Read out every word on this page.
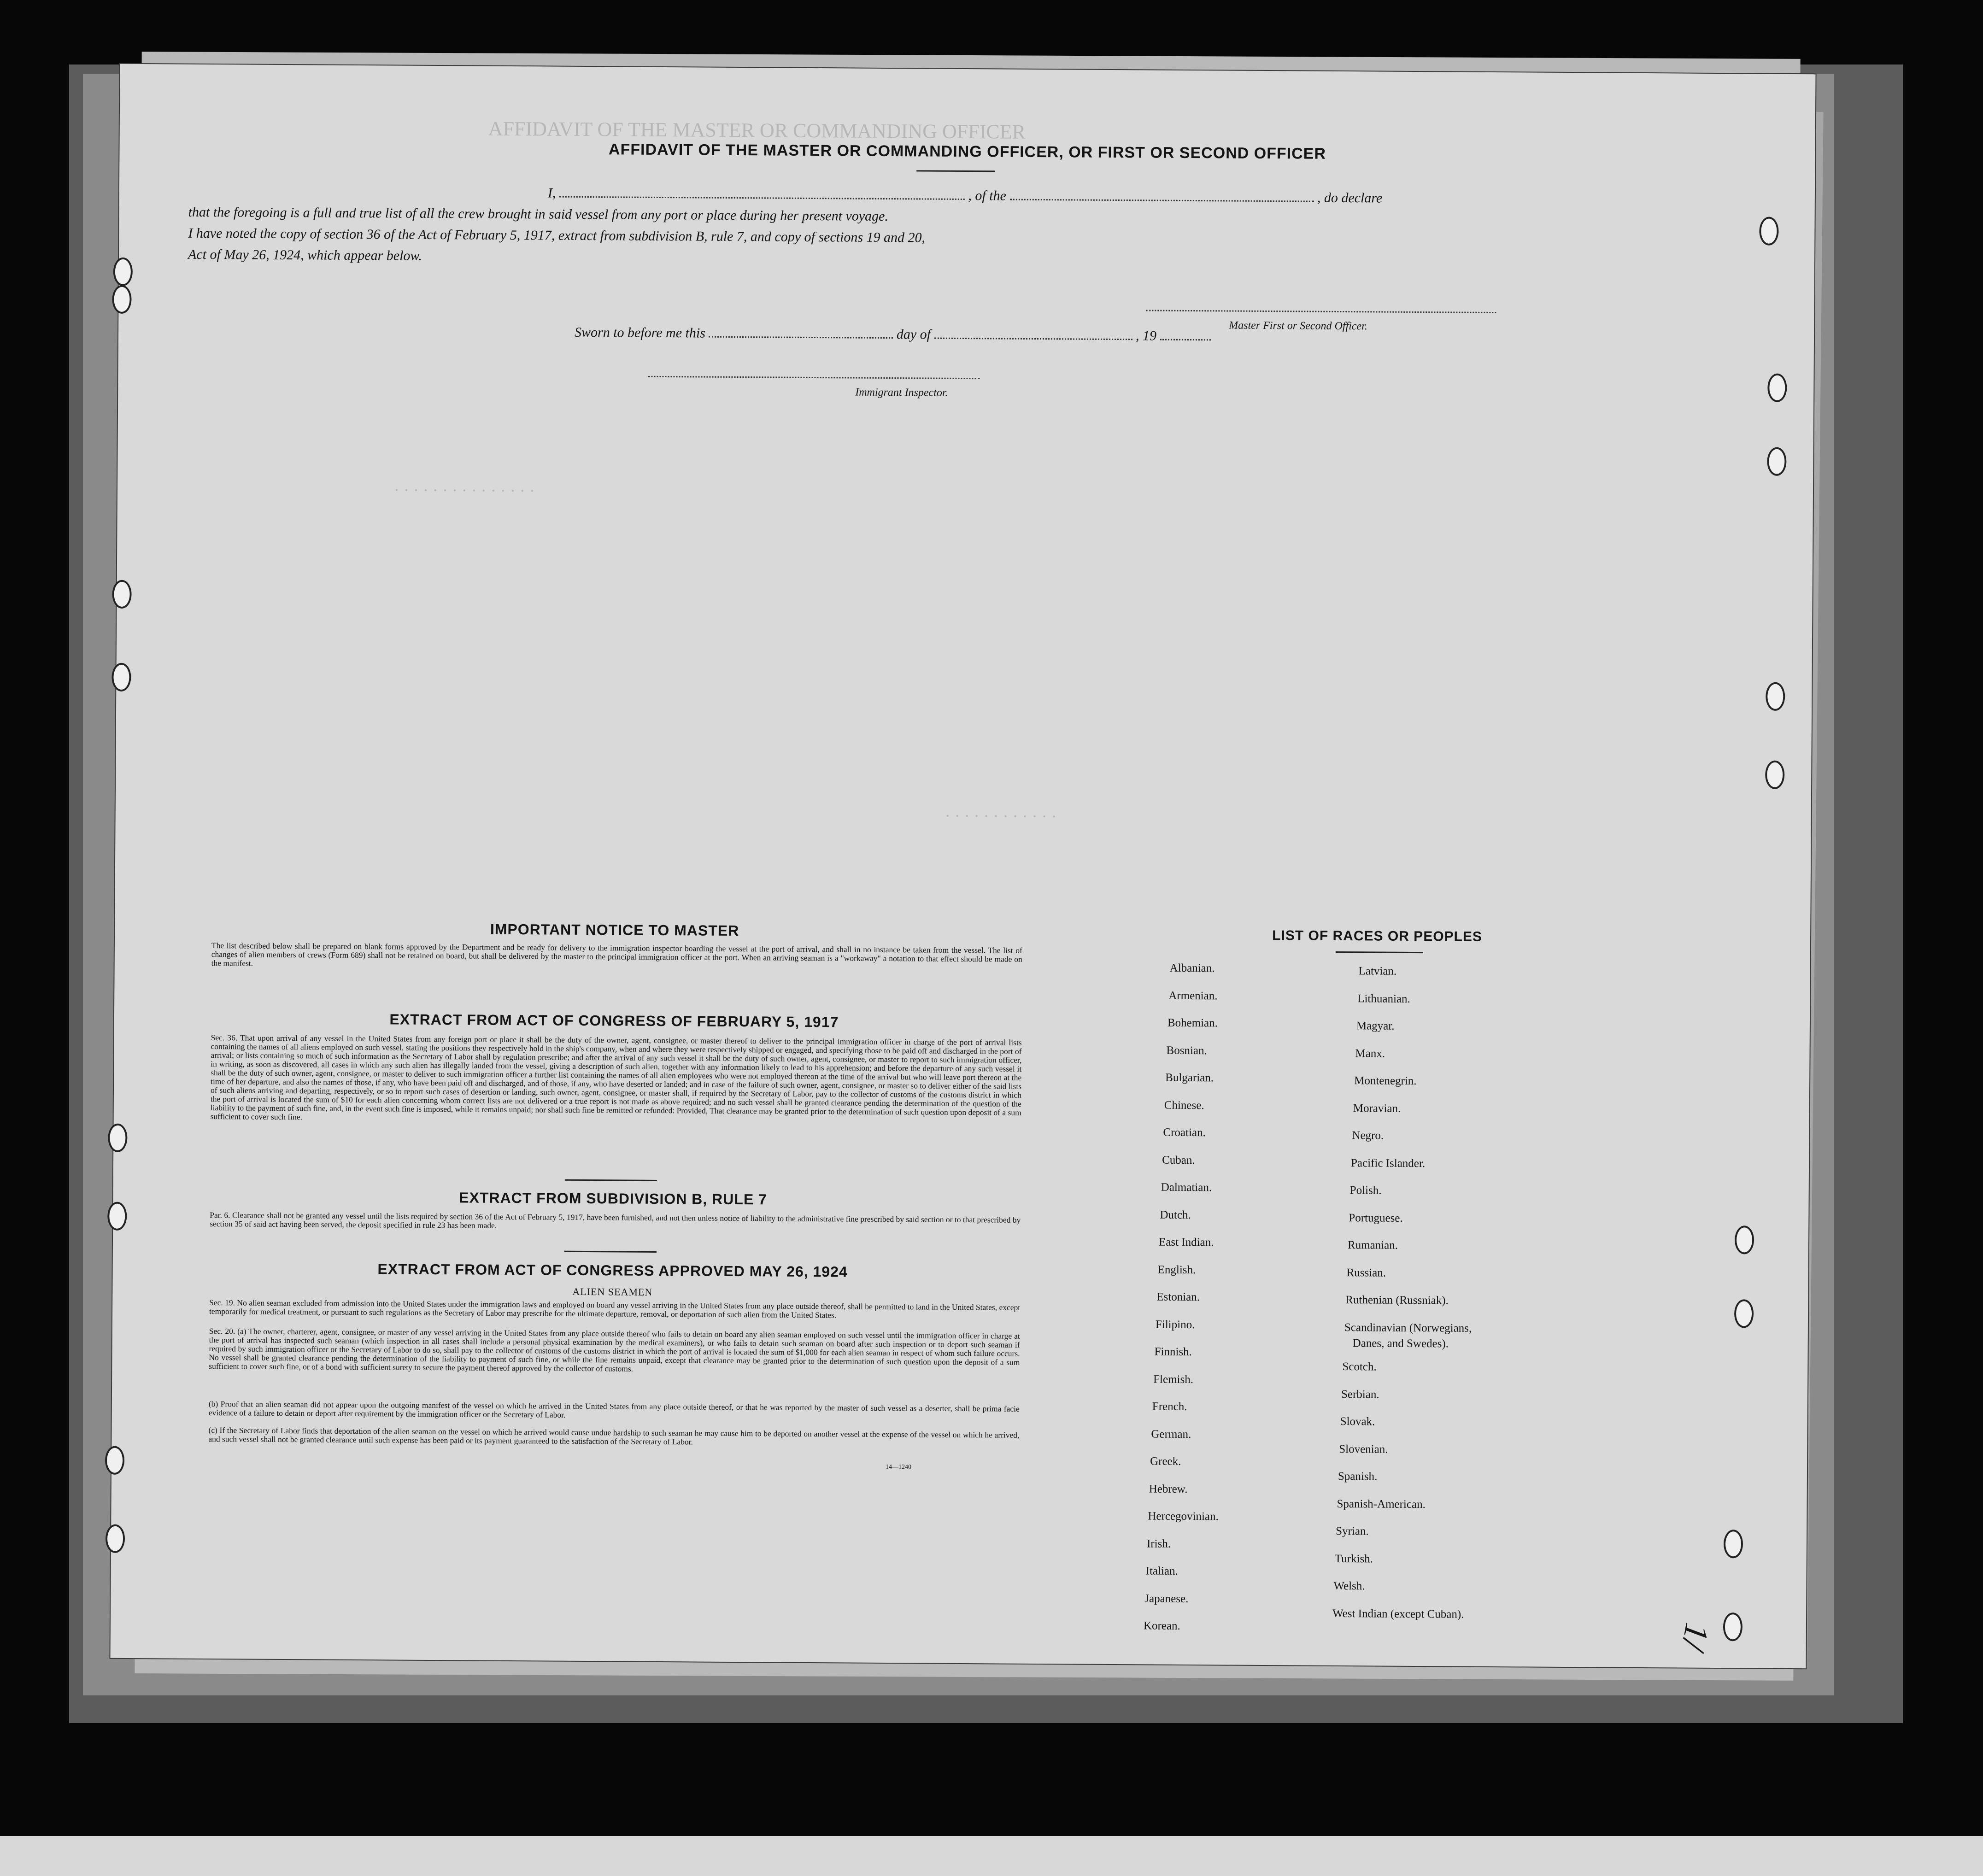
AFFIDAVIT OF THE MASTER OR COMMANDING OFFICER
· · · · · · · · · · · · · · ·
· · · · · · · · · · · ·
AFFIDAVIT OF THE MASTER OR COMMANDING OFFICER, OR FIRST OR SECOND OFFICER
I,	, of the	, do declare
that the foregoing is a full and true list of all the crew brought in said vessel from any port or place during her present voyage.
I have noted the copy of section 36 of the Act of February 5, 1917, extract from subdivision B, rule 7, and copy of sections 19 and 20,
Act of May 26, 1924, which appear below.
Master First or Second Officer.
Sworn to before me this	day of	, 19
Immigrant Inspector.
IMPORTANT NOTICE TO MASTER
The list described below shall be prepared on blank forms approved by the Department and be ready for delivery to the immigration inspector boarding the vessel at the port of arrival, and shall in no instance be taken from the vessel. The list of changes of alien members of crews (Form 689) shall not be retained on board, but shall be delivered by the master to the principal immigration officer at the port. When an arriving seaman is a "workaway" a notation to that effect should be made on the manifest.
EXTRACT FROM ACT OF CONGRESS OF FEBRUARY 5, 1917
Sec. 36. That upon arrival of any vessel in the United States from any foreign port or place it shall be the duty of the owner, agent, consignee, or master thereof to deliver to the principal immigration officer in charge of the port of arrival lists containing the names of all aliens employed on such vessel, stating the positions they respectively hold in the ship's company, when and where they were respectively shipped or engaged, and specifying those to be paid off and discharged in the port of arrival; or lists containing so much of such information as the Secretary of Labor shall by regulation prescribe; and after the arrival of any such vessel it shall be the duty of such owner, agent, consignee, or master to report to such immigration officer, in writing, as soon as discovered, all cases in which any such alien has illegally landed from the vessel, giving a description of such alien, together with any information likely to lead to his apprehension; and before the departure of any such vessel it shall be the duty of such owner, agent, consignee, or master to deliver to such immigration officer a further list containing the names of all alien employees who were not employed thereon at the time of the arrival but who will leave port thereon at the time of her departure, and also the names of those, if any, who have been paid off and discharged, and of those, if any, who have deserted or landed; and in case of the failure of such owner, agent, consignee, or master so to deliver either of the said lists of such aliens arriving and departing, respectively, or so to report such cases of desertion or landing, such owner, agent, consignee, or master shall, if required by the Secretary of Labor, pay to the collector of customs of the customs district in which the port of arrival is located the sum of $10 for each alien concerning whom correct lists are not delivered or a true report is not made as above required; and no such vessel shall be granted clearance pending the determination of the question of the liability to the payment of such fine, and, in the event such fine is imposed, while it remains unpaid; nor shall such fine be remitted or refunded: Provided, That clearance may be granted prior to the determination of such question upon deposit of a sum sufficient to cover such fine.
EXTRACT FROM SUBDIVISION B, RULE 7
Par. 6. Clearance shall not be granted any vessel until the lists required by section 36 of the Act of February 5, 1917, have been furnished, and not then unless notice of liability to the administrative fine prescribed by said section or to that prescribed by section 35 of said act having been served, the deposit specified in rule 23 has been made.
EXTRACT FROM ACT OF CONGRESS APPROVED MAY 26, 1924
ALIEN SEAMEN
Sec. 19. No alien seaman excluded from admission into the United States under the immigration laws and employed on board any vessel arriving in the United States from any place outside thereof, shall be permitted to land in the United States, except temporarily for medical treatment, or pursuant to such regulations as the Secretary of Labor may prescribe for the ultimate departure, removal, or deportation of such alien from the United States.
Sec. 20. (a) The owner, charterer, agent, consignee, or master of any vessel arriving in the United States from any place outside thereof who fails to detain on board any alien seaman employed on such vessel until the immigration officer in charge at the port of arrival has inspected such seaman (which inspection in all cases shall include a personal physical examination by the medical examiners), or who fails to detain such seaman on board after such inspection or to deport such seaman if required by such immigration officer or the Secretary of Labor to do so, shall pay to the collector of customs of the customs district in which the port of arrival is located the sum of $1,000 for each alien seaman in respect of whom such failure occurs. No vessel shall be granted clearance pending the determination of the liability to payment of such fine, or while the fine remains unpaid, except that clearance may be granted prior to the determination of such question upon the deposit of a sum sufficient to cover such fine, or of a bond with sufficient surety to secure the payment thereof approved by the collector of customs.
(b) Proof that an alien seaman did not appear upon the outgoing manifest of the vessel on which he arrived in the United States from any place outside thereof, or that he was reported by the master of such vessel as a deserter, shall be prima facie evidence of a failure to detain or deport after requirement by the immigration officer or the Secretary of Labor.
(c) If the Secretary of Labor finds that deportation of the alien seaman on the vessel on which he arrived would cause undue hardship to such seaman he may cause him to be deported on another vessel at the expense of the vessel on which he arrived, and such vessel shall not be granted clearance until such expense has been paid or its payment guaranteed to the satisfaction of the Secretary of Labor.
14—1240
LIST OF RACES OR PEOPLES
Albanian.
Armenian.
Bohemian.
Bosnian.
Bulgarian.
Chinese.
Croatian.
Cuban.
Dalmatian.
Dutch.
East Indian.
English.
Estonian.
Filipino.
Finnish.
Flemish.
French.
German.
Greek.
Hebrew.
Hercegovinian.
Irish.
Italian.
Japanese.
Korean.
Latvian.
Lithuanian.
Magyar.
Manx.
Montenegrin.
Moravian.
Negro.
Pacific Islander.
Polish.
Portuguese.
Rumanian.
Russian.
Ruthenian (Russniak).
Scandinavian (Norwegians,
Danes, and Swedes).
Scotch.
Serbian.
Slovak.
Slovenian.
Spanish.
Spanish-American.
Syrian.
Turkish.
Welsh.
West Indian (except Cuban).
1/
